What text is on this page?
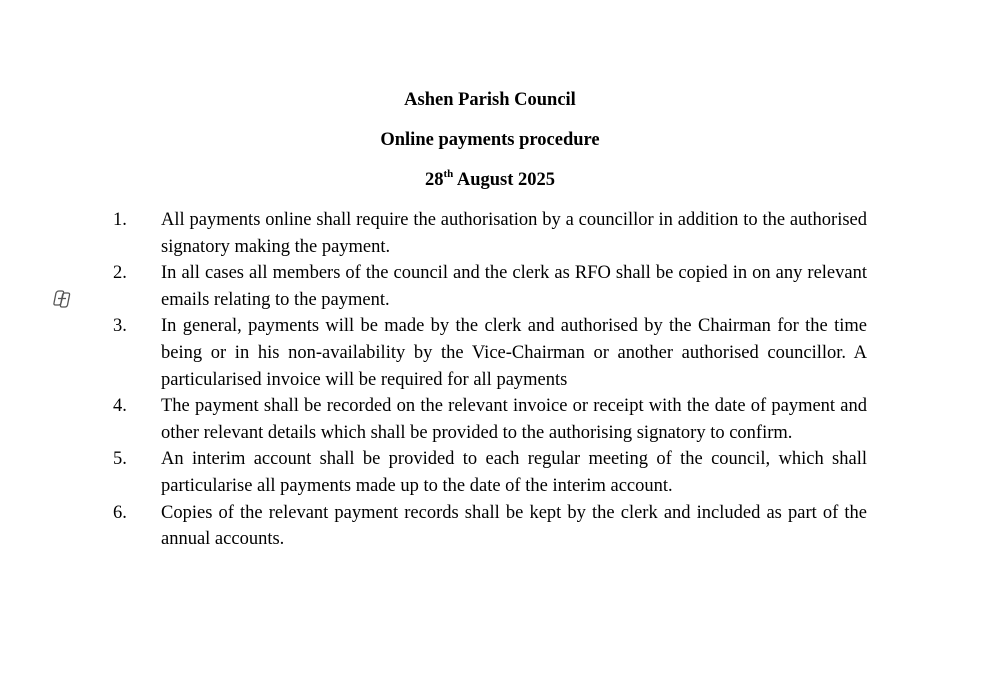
Ashen Parish Council
Online payments procedure
28th August 2025
1.	All payments online shall require the authorisation by a councillor in addition to the authorised signatory making the payment.
2.	In all cases all members of the council and the clerk as RFO shall be copied in on any relevant emails relating to the payment.
3.	In general, payments will be made by the clerk and authorised by the Chairman for the time being or in his non-availability by the Vice-Chairman or another authorised councillor. A particularised invoice will be required for all payments
4.	The payment shall be recorded on the relevant invoice or receipt with the date of payment and other relevant details which shall be provided to the authorising signatory to confirm.
5.	An interim account shall be provided to each regular meeting of the council, which shall particularise all payments made up to the date of the interim account.
6.	Copies of the relevant payment records shall be kept by the clerk and included as part of the annual accounts.
